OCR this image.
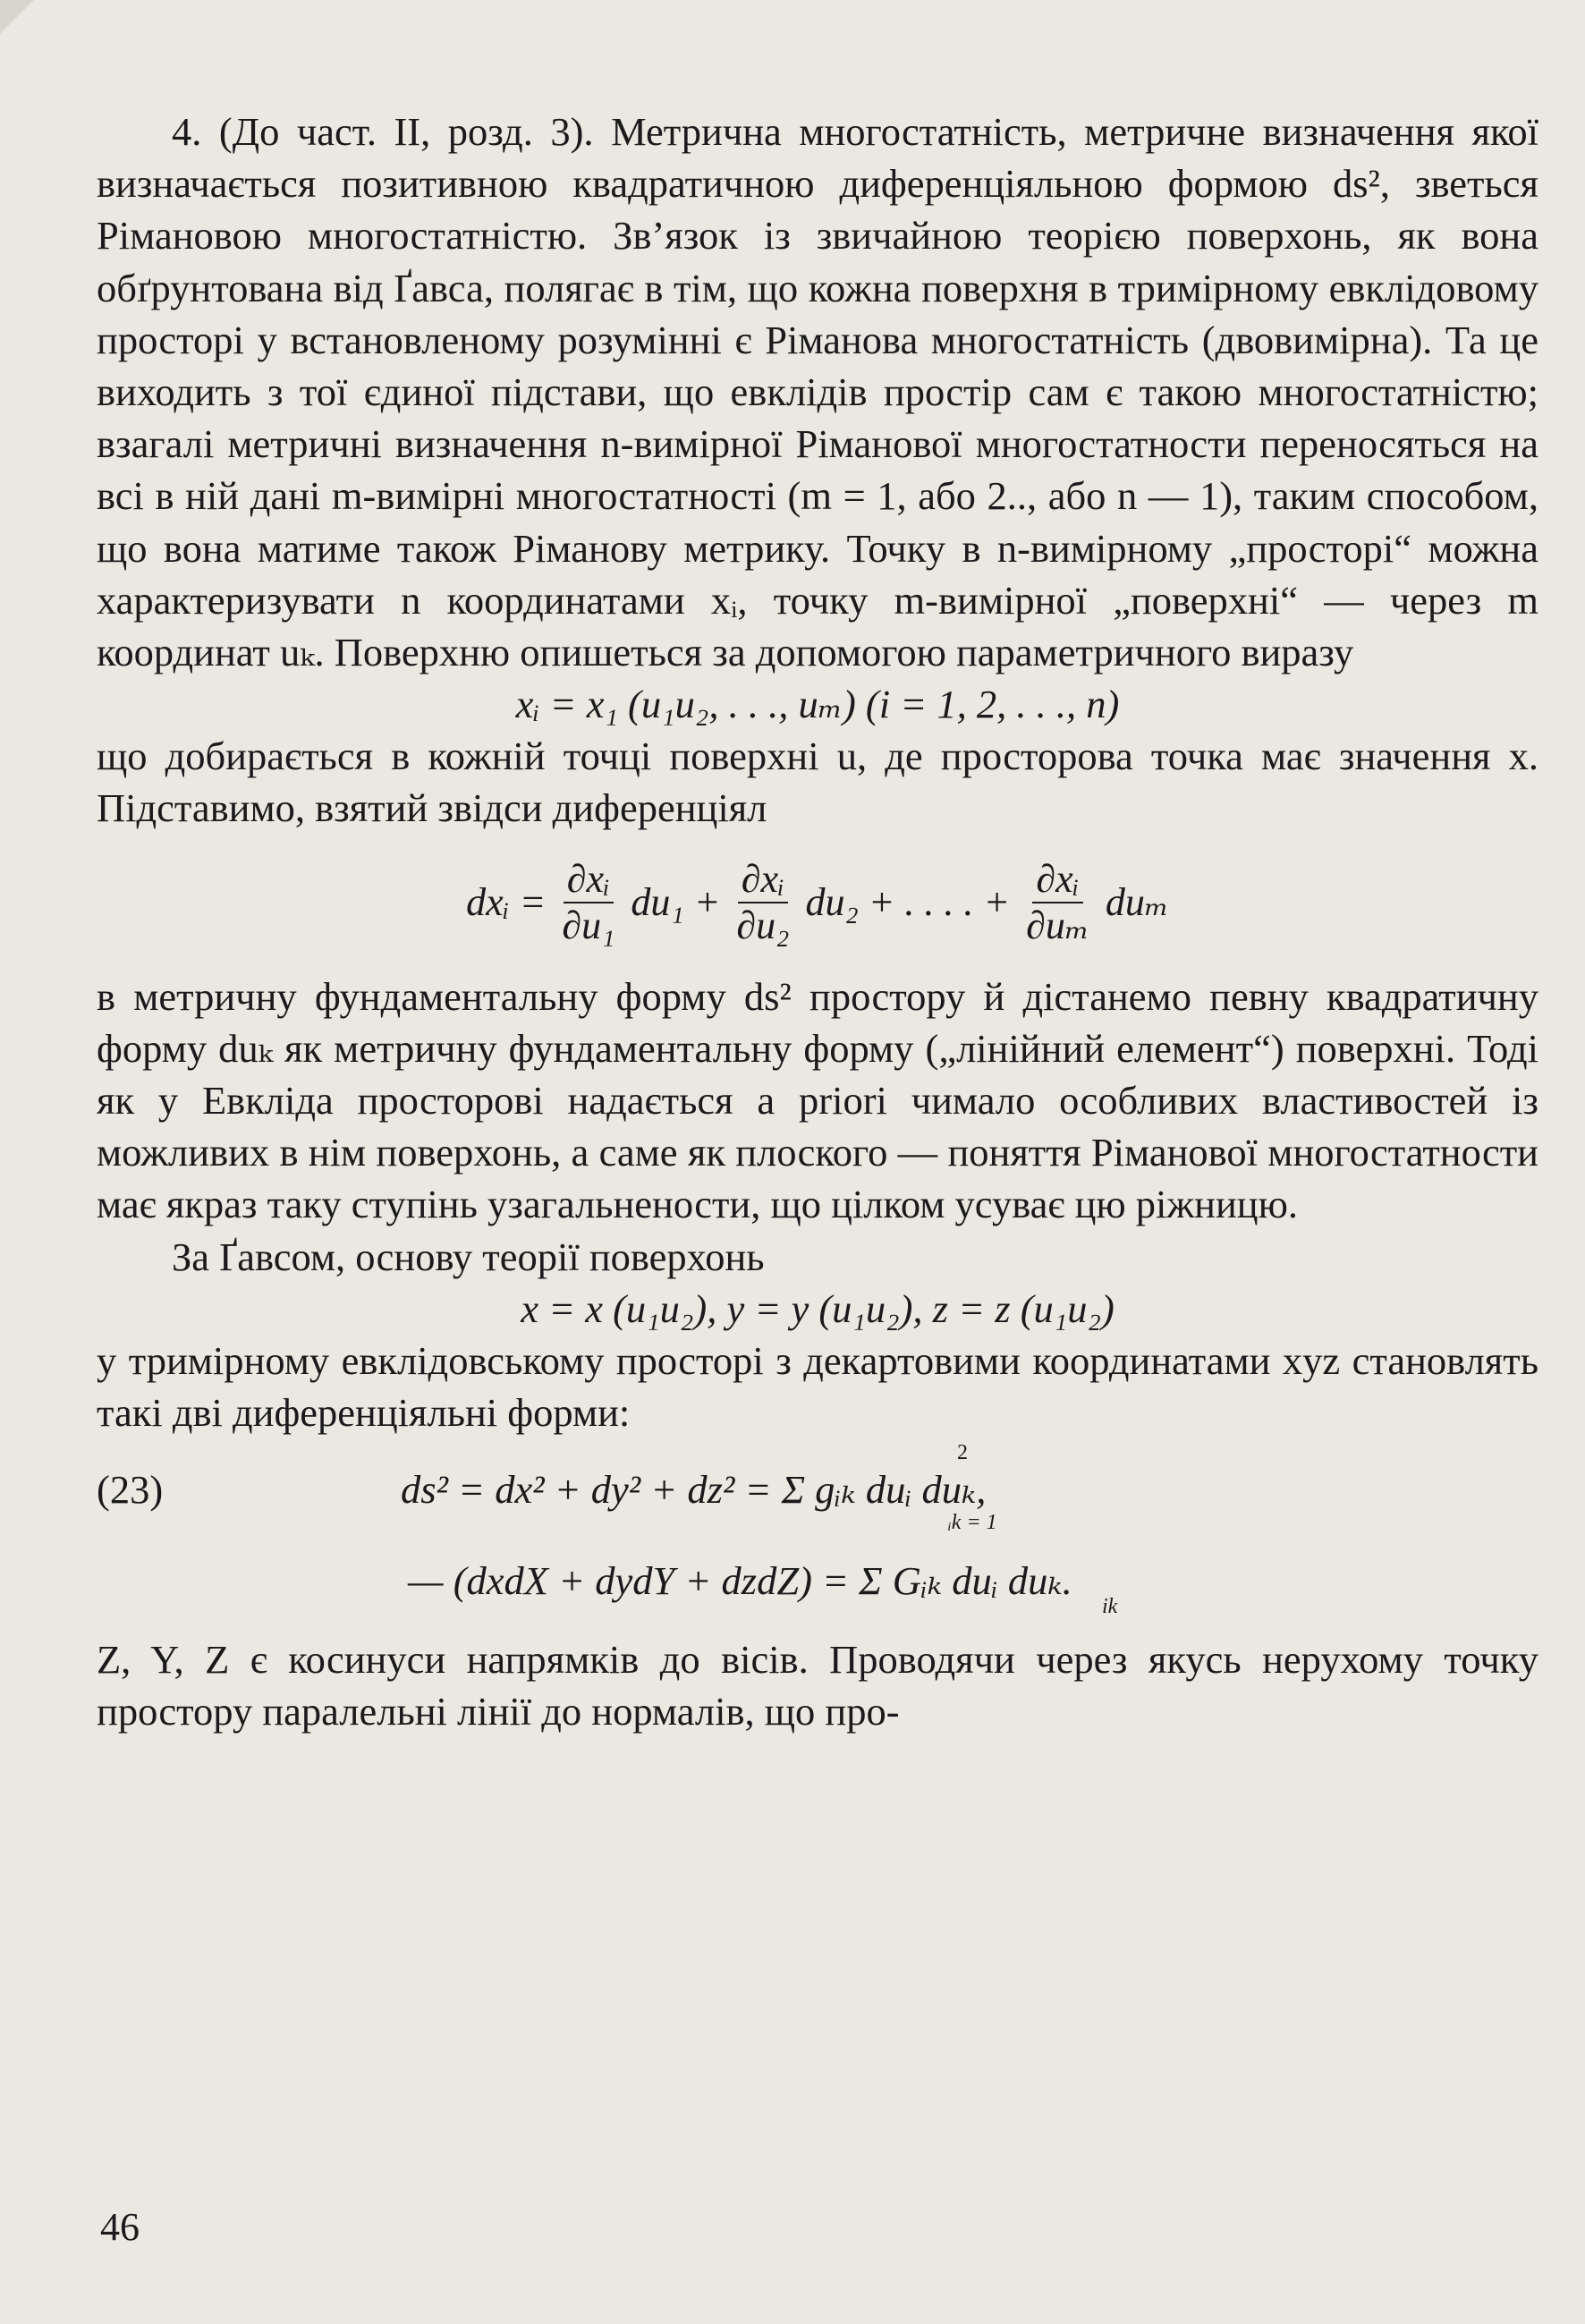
4. (До част. II, розд. 3). Метрична многостатність, метричне визначення якої визначається позитивною квадратичною диференціяльною формою ds², зветься Рімановою многостатністю. Зв’язок із звичайною теорією поверхонь, як вона обґрунтована від Ґавса, полягає в тім, що кожна поверхня в тримірному евклідовому просторі у встановленому розумінні є Ріманова многостатність (двовимірна). Та це виходить з тої єдиної підстави, що евклідів простір сам є такою многостатністю; взагалі метричні визначення n-вимірної Рімановоï многостатности переносяться на всі в ній дані m-вимірні многостатності (m = 1, або 2.., або n — 1), таким способом, що вона матиме також Ріманову метрику. Точку в n-вимірному „просторі“ можна характеризувати n координатами xᵢ, точку m-вимірної „поверхні“ — через m координат uₖ. Поверхню опишеться за допомогою параметричного виразу

xᵢ = x₁ (u₁u₂, . . ., uₘ) (i = 1, 2, . . ., n)

що добирається в кожній точці поверхні u, де просторова точка має значення x. Підставимо, взятий звідси диференціял

dxᵢ = $\frac{\text{∂xᵢ}}{\text{∂u₁}} du_1 + \frac{\text{∂xᵢ}}{\text{∂u₂}} du_2$ + . . . . + $\frac{\text{∂xᵢ}}{\text{∂uₘ}}$ duₘ

в метричну фундаментальну форму ds² простору й дістанемо певну квадратичну форму duₖ як метричну фундаментальну форму („лінійний елемент“) поверхні. Тоді як у Евкліда просторові надається a priori чимало особливих властивостей із можливих в нім поверхонь, а саме як плоского — поняття Рімановоï многостатности має якраз таку ступінь узагальнености, що цілком усуває цю ріжницю.

За Ґавсом, основу теорії поверхонь

x = x (u₁u₂), y = y (u₁u₂), z = z (u₁u₂)

у тримірному евклідовському просторі з декартовими координатами xyz становлять такі дві диференціяльні форми:

(23)	ds² = dx² + dy² + dz² = Σ gᵢₖ duᵢ duₖ,
2
ᵢk = 1
— (dxdX + dydY + dzdZ) = Σ Gᵢₖ duᵢ duₖ.
ik

Z, Y, Z є косинуси напрямків до вісів. Проводячи через якусь нерухому точку простору паралельні лінії до нормалів, що про-

46
